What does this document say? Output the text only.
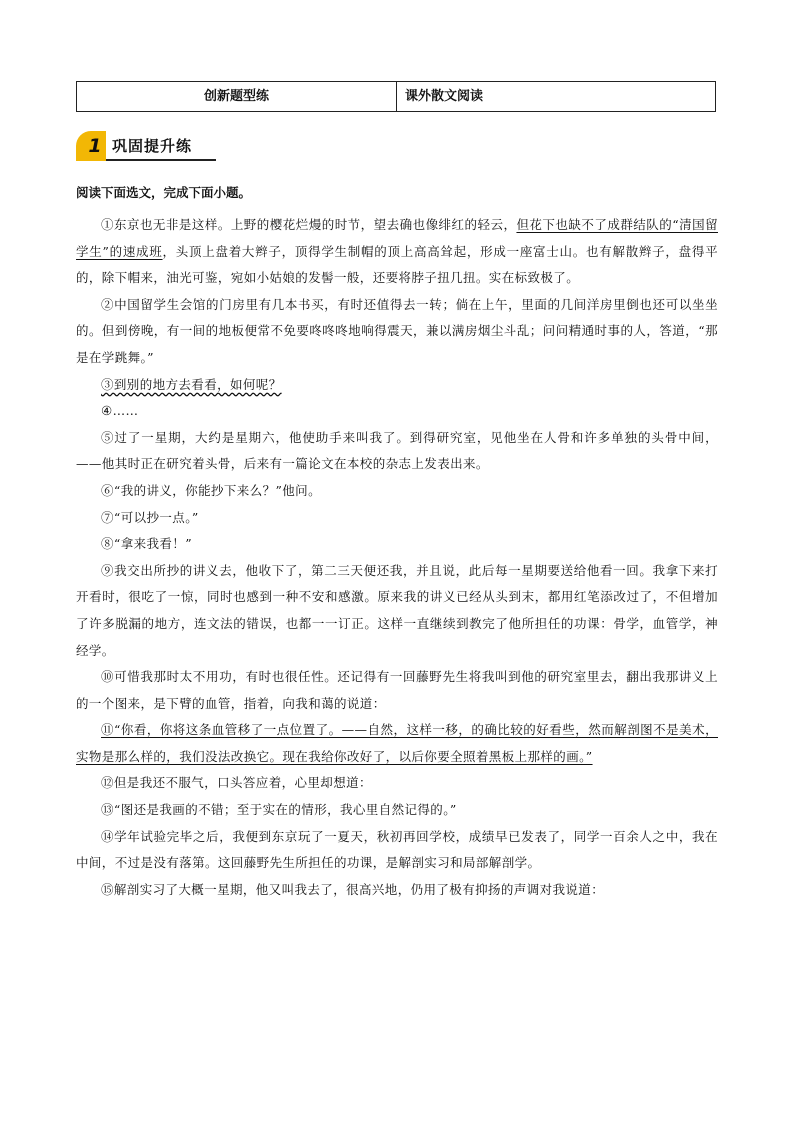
创新题型练	课外散文阅读
1 巩固提升练
阅读下面选文，完成下面小题。

①东京也无非是这样。上野的樱花烂熳的时节，望去确也像绯红的轻云，但花下也缺不了成群结队的“清国留学生”的速成班，头顶上盘着大辫子，顶得学生制帽的顶上高高耸起，形成一座富士山。也有解散辫子，盘得平的，除下帽来，油光可鉴，宛如小姑娘的发髻一般，还要将脖子扭几扭。实在标致极了。

②中国留学生会馆的门房里有几本书买，有时还值得去一转；倘在上午，里面的几间洋房里倒也还可以坐坐的。但到傍晚，有一间的地板便常不免要咚咚咚地响得震天，兼以满房烟尘斗乱；问问精通时事的人，答道，“那是在学跳舞。”

③到别的地方去看看，如何呢？

④……

⑤过了一星期，大约是星期六，他使助手来叫我了。到得研究室，见他坐在人骨和许多单独的头骨中间，——他其时正在研究着头骨，后来有一篇论文在本校的杂志上发表出来。

⑥“我的讲义，你能抄下来么？”他问。

⑦“可以抄一点。”

⑧“拿来我看！”

⑨我交出所抄的讲义去，他收下了，第二三天便还我，并且说，此后每一星期要送给他看一回。我拿下来打开看时，很吃了一惊，同时也感到一种不安和感激。原来我的讲义已经从头到末，都用红笔添改过了，不但增加了许多脱漏的地方，连文法的错误，也都一一订正。这样一直继续到教完了他所担任的功课：骨学，血管学，神经学。

⑩可惜我那时太不用功，有时也很任性。还记得有一回藤野先生将我叫到他的研究室里去，翻出我那讲义上的一个图来，是下臂的血管，指着，向我和蔼的说道：

⑪“你看，你将这条血管移了一点位置了。——自然，这样一移，的确比较的好看些，然而解剖图不是美术，实物是那么样的，我们没法改换它。现在我给你改好了，以后你要全照着黑板上那样的画。”

⑫但是我还不服气，口头答应着，心里却想道：

⑬“图还是我画的不错；至于实在的情形，我心里自然记得的。”

⑭学年试验完毕之后，我便到东京玩了一夏天，秋初再回学校，成绩早已发表了，同学一百余人之中，我在中间，不过是没有落第。这回藤野先生所担任的功课，是解剖实习和局部解剖学。

⑮解剖实习了大概一星期，他又叫我去了，很高兴地，仍用了极有抑扬的声调对我说道：
